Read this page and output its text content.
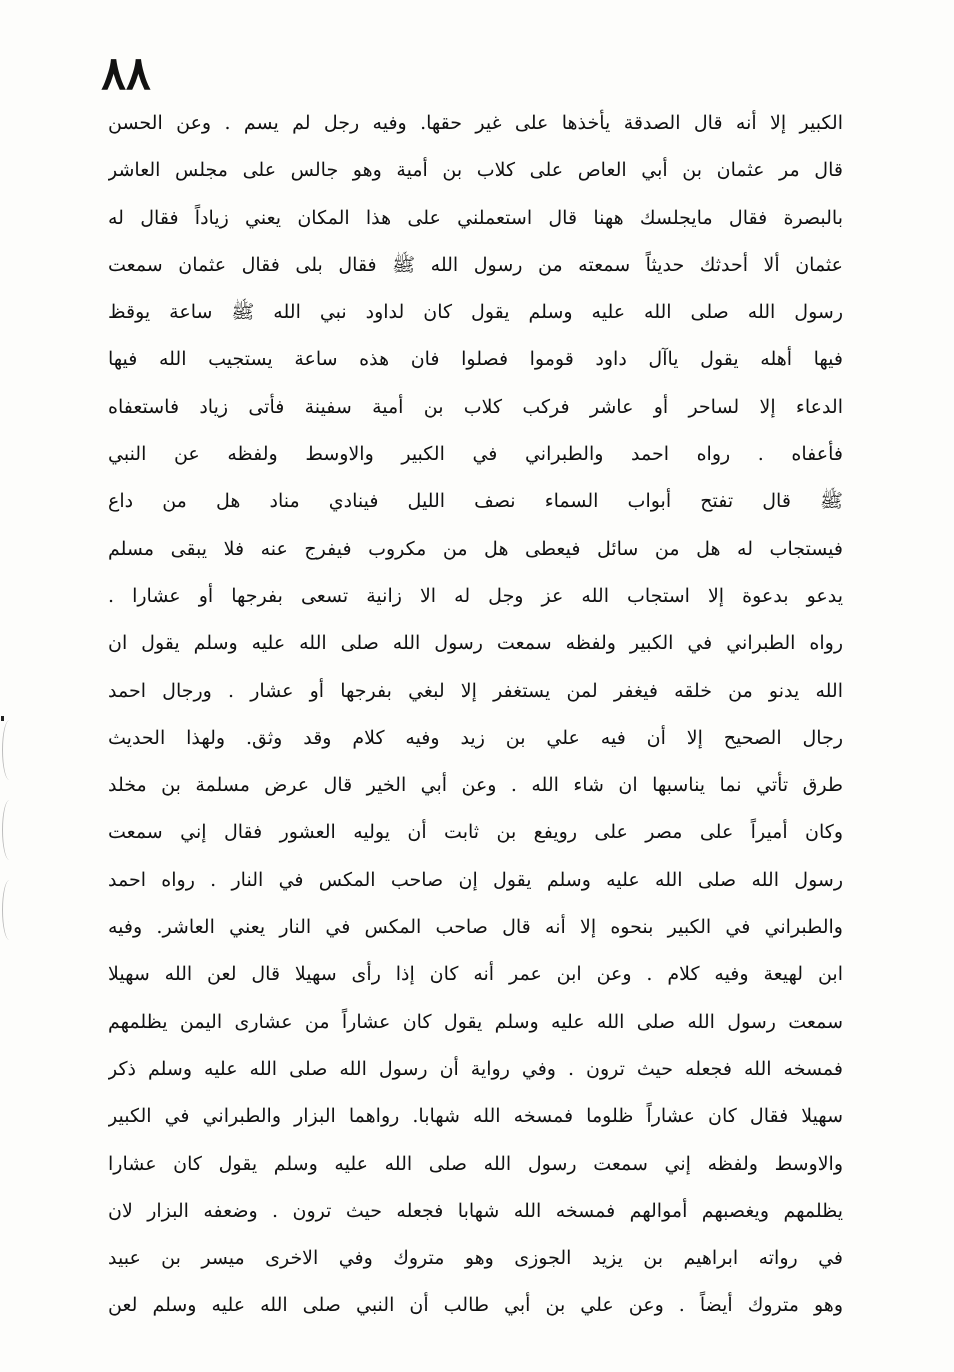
٨٨
الكبير إلا أنه قال الصدقة يأخذها على غير حقها. وفيه رجل لم يسم . وعن الحسن
قال مر عثمان بن أبي العاص على كلاب بن أمية وهو جالس على مجلس العاشر
بالبصرة فقال مايجلسك ههنا قال استعملني على هذا المكان يعني زياداً فقال له
عثمان ألا أحدثك حديثاً سمعته من رسول الله ﷺ فقال بلى فقال عثمان سمعت
رسول الله صلى الله عليه وسلم يقول كان لداود نبي الله ﷺ ساعة يوقظ
فيها أهله يقول ياآل داود قوموا فصلوا فان هذه ساعة يستجيب الله فيها
الدعاء إلا لساحر أو عاشر فركب كلاب بن أمية سفينة فأتى زياد فاستعفاه
فأعفاه . رواه احمد والطبراني في الكبير والاوسط ولفظه عن النبي
ﷺ قال تفتح أبواب السماء نصف الليل فينادي مناد هل من داع
فيستجاب له هل من سائل فيعطى هل من مكروب فيفرج عنه فلا يبقى مسلم
يدعو بدعوة إلا استجاب الله عز وجل له الا زانية تسعى بفرجها أو عشارا .
رواه الطبراني في الكبير ولفظه سمعت رسول الله صلى الله عليه وسلم يقول ان
الله يدنو من خلقه فيغفر لمن يستغفر إلا لبغي بفرجها أو عشار . ورجال احمد
رجال الصحيح إلا أن فيه علي بن زيد وفيه كلام وقد وثق. ولهذا الحديث
طرق تأتي نما يناسبها ان شاء الله . وعن أبي الخير قال عرض مسلمة بن مخلد
وكان أميراً على مصر على رويفع بن ثابت أن يوليه العشور فقال إني سمعت
رسول الله صلى الله عليه وسلم يقول إن صاحب المكس في النار . رواه احمد
والطبراني في الكبير بنحوه إلا أنه قال صاحب المكس في النار يعني العاشر. وفيه
ابن لهيعة وفيه كلام . وعن ابن عمر أنه كان إذا رأى سهيلا قال لعن الله سهيلا
سمعت رسول الله صلى الله عليه وسلم يقول كان عشاراً من عشارى اليمن يظلمهم
فمسخه الله فجعله حيث ترون . وفي رواية أن رسول الله صلى الله عليه وسلم ذكر
سهيلا فقال كان عشاراً ظلوما فمسخه الله شهابا. رواهما البزار والطبراني في الكبير
والاوسط ولفظه إني سمعت رسول الله صلى الله عليه وسلم يقول كان عشارا
يظلمهم ويغصبهم أموالهم فمسخه الله شهابا فجعله حيث ترون . وضعفه البزار لان
في رواته ابراهيم بن يزيد الجوزى وهو متروك وفي الاخرى ميسر بن عبيد
وهو متروك أيضاً . وعن علي بن أبي طالب أن النبي صلى الله عليه وسلم لعن
